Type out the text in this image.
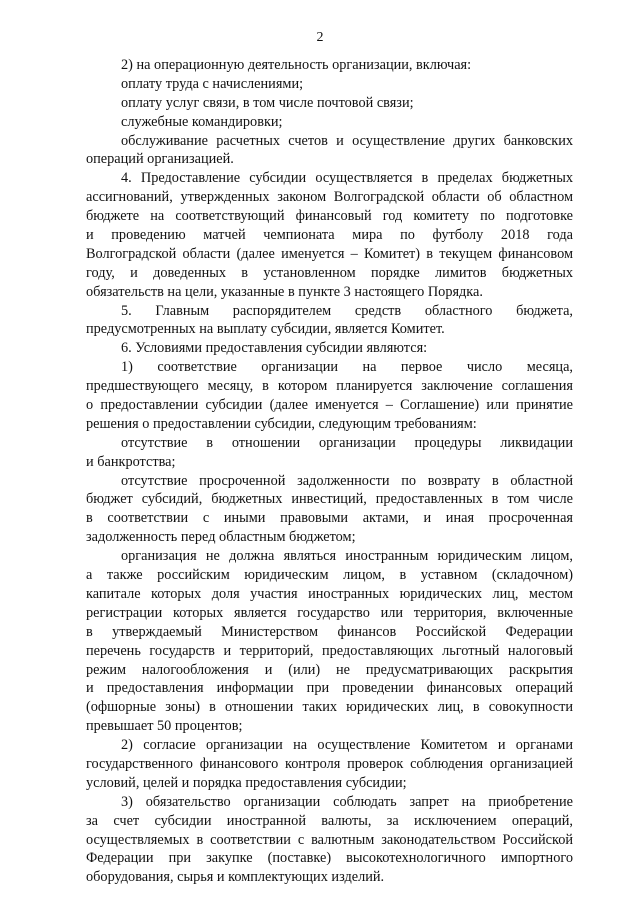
2
2) на операционную деятельность организации, включая:
оплату труда с начислениями;
оплату услуг связи, в том числе почтовой связи;
служебные командировки;
обслуживание расчетных счетов и осуществление других банковских
операций организацией.
4. Предоставление субсидии осуществляется в пределах бюджетных
ассигнований, утвержденных законом Волгоградской области об областном
бюджете на соответствующий финансовый год комитету по подготовке
и проведению матчей чемпионата мира по футболу 2018 года
Волгоградской области (далее именуется – Комитет) в текущем финансовом
году, и доведенных в установленном порядке лимитов бюджетных
обязательств на цели, указанные в пункте 3 настоящего Порядка.
5. Главным распорядителем средств областного бюджета,
предусмотренных на выплату субсидии, является Комитет.
6. Условиями предоставления субсидии являются:
1) соответствие организации на первое число месяца,
предшествующего месяцу, в котором планируется заключение соглашения
о предоставлении субсидии (далее именуется – Соглашение) или принятие
решения о предоставлении субсидии, следующим требованиям:
отсутствие в отношении организации процедуры ликвидации
и банкротства;
отсутствие просроченной задолженности по возврату в областной
бюджет субсидий, бюджетных инвестиций, предоставленных в том числе
в соответствии с иными правовыми актами, и иная просроченная
задолженность перед областным бюджетом;
организация не должна являться иностранным юридическим лицом,
а также российским юридическим лицом, в уставном (складочном)
капитале которых доля участия иностранных юридических лиц, местом
регистрации которых является государство или территория, включенные
в утверждаемый Министерством финансов Российской Федерации
перечень государств и территорий, предоставляющих льготный налоговый
режим налогообложения и (или) не предусматривающих раскрытия
и предоставления информации при проведении финансовых операций
(офшорные зоны) в отношении таких юридических лиц, в совокупности
превышает 50 процентов;
2) согласие организации на осуществление Комитетом и органами
государственного финансового контроля проверок соблюдения организацией
условий, целей и порядка предоставления субсидии;
3) обязательство организации соблюдать запрет на приобретение
за счет субсидии иностранной валюты, за исключением операций,
осуществляемых в соответствии с валютным законодательством Российской
Федерации при закупке (поставке) высокотехнологичного импортного
оборудования, сырья и комплектующих изделий.
